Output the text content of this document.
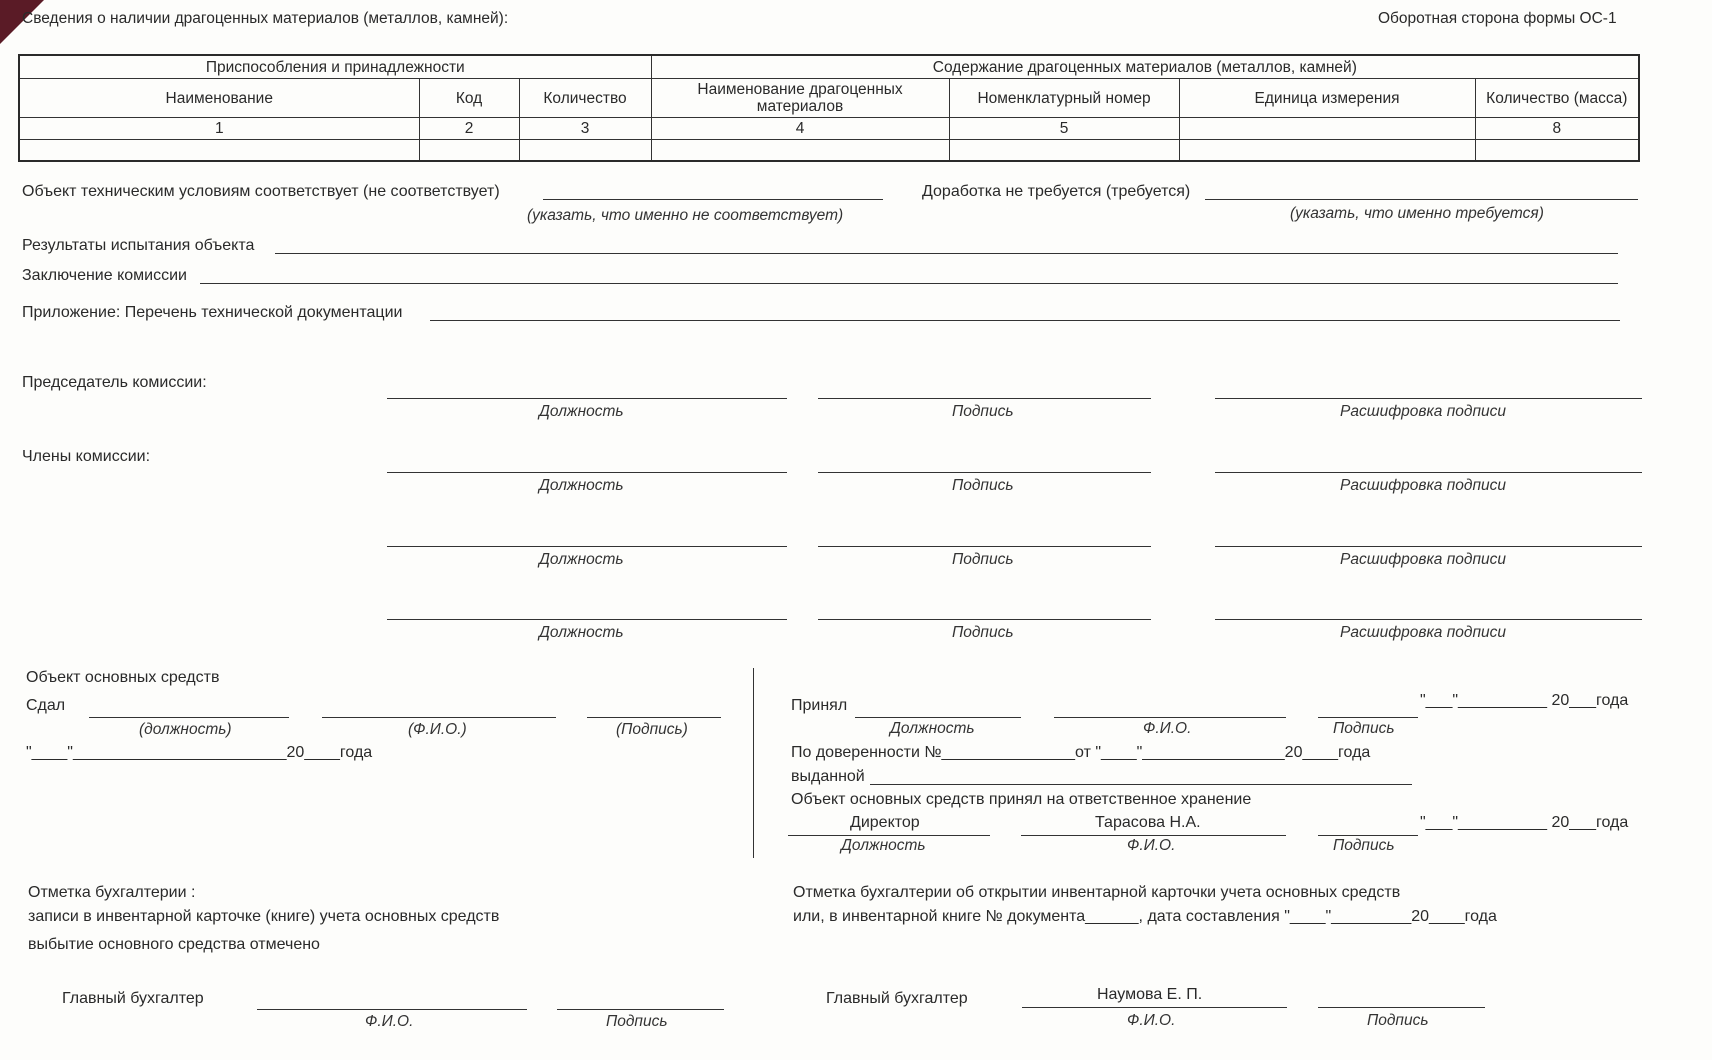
Сведения о наличии драгоценных материалов (металлов, камней):	Оборотная сторона формы ОС-1
Приспособления и принадлежности			Содержание драгоценных материалов (металлов, камней)			
Наименование	Код	Количество	Наименование драгоценных материалов	Номенклатурный номер	Единица измерения	Количество (масса)
1	2	3	4	5		8

Объект техническим условиям соответствует (не соответствует)
(указать, что именно не соответствует)
Доработка не требуется (требуется)
(указать, что именно требуется)
Результаты испытания объекта
Заключение комиссии
Приложение: Перечень технической документации
Председатель комиссии:
Члены комиссии:
Должность	Подпись	Расшифровка подписи
Должность	Подпись	Расшифровка подписи
Должность	Подпись	Расшифровка подписи
Должность	Подпись	Расшифровка подписи
Объект основных средств
Сдал
(должность)	(Ф.И.О.)	(Подпись)
"____"________________________20____года
Принял
Должность	Ф.И.О.	Подпись
"___"__________ 20___года
По доверенности №_______________от "____"________________20____года
выданной
Объект основных средств принял на ответственное хранение
Директор
Должность
Тарасова Н.А.
Ф.И.О.	Подпись
"___"__________ 20___года
Отметка бухгалтерии :
записи в инвентарной карточке (книге) учета основных средств
выбытие основного средства отмечено
Главный бухгалтер
Ф.И.О.	Подпись
Отметка бухгалтерии об открытии инвентарной карточки учета основных средств
или, в инвентарной книге № документа______, дата составления "____"_________20____года
Главный бухгалтер	Наумова Е. П.
Ф.И.О.	Подпись
